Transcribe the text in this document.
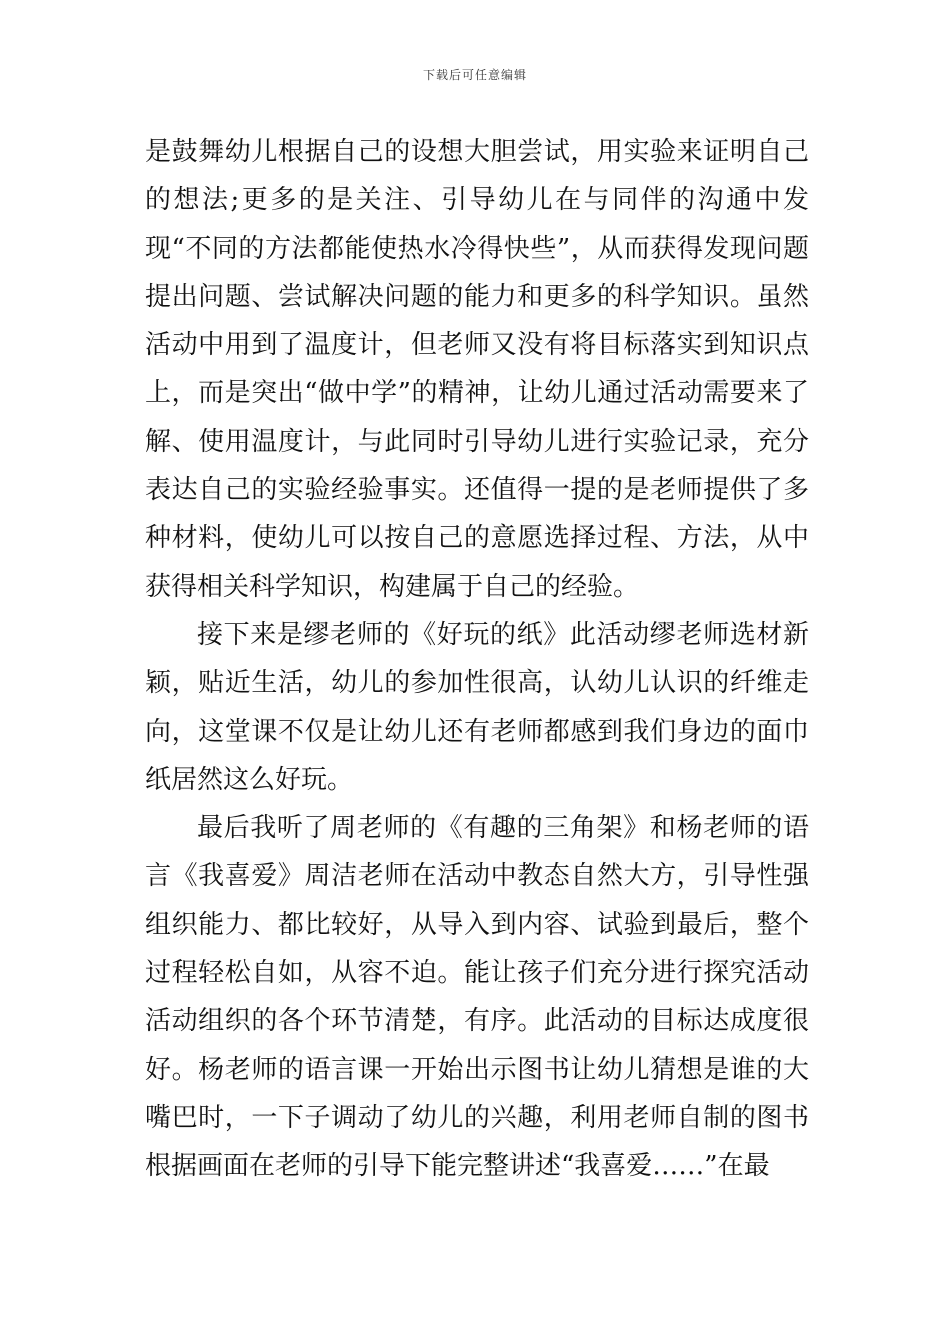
下载后可任意编辑

是鼓舞幼儿根据自己的设想大胆尝试，用实验来证明自己的想法;更多的是关注、引导幼儿在与同伴的沟通中发现“不同的方法都能使热水冷得快些”，从而获得发现问题提出问题、尝试解决问题的能力和更多的科学知识。虽然活动中用到了温度计，但老师又没有将目标落实到知识点上，而是突出“做中学”的精神，让幼儿通过活动需要来了解、使用温度计，与此同时引导幼儿进行实验记录，充分表达自己的实验经验事实。还值得一提的是老师提供了多种材料，使幼儿可以按自己的意愿选择过程、方法，从中获得相关科学知识，构建属于自己的经验。

接下来是缪老师的《好玩的纸》此活动缪老师选材新颖，贴近生活，幼儿的参加性很高，认幼儿认识的纤维走向，这堂课不仅是让幼儿还有老师都感到我们身边的面巾纸居然这么好玩。

最后我听了周老师的《有趣的三角架》和杨老师的语言《我喜爱》周洁老师在活动中教态自然大方，引导性强组织能力、都比较好，从导入到内容、试验到最后，整个过程轻松自如，从容不迫。能让孩子们充分进行探究活动活动组织的各个环节清楚，有序。此活动的目标达成度很好。杨老师的语言课一开始出示图书让幼儿猜想是谁的大嘴巴时，一下子调动了幼儿的兴趣，利用老师自制的图书根据画面在老师的引导下能完整讲述“我喜爱……”在最
